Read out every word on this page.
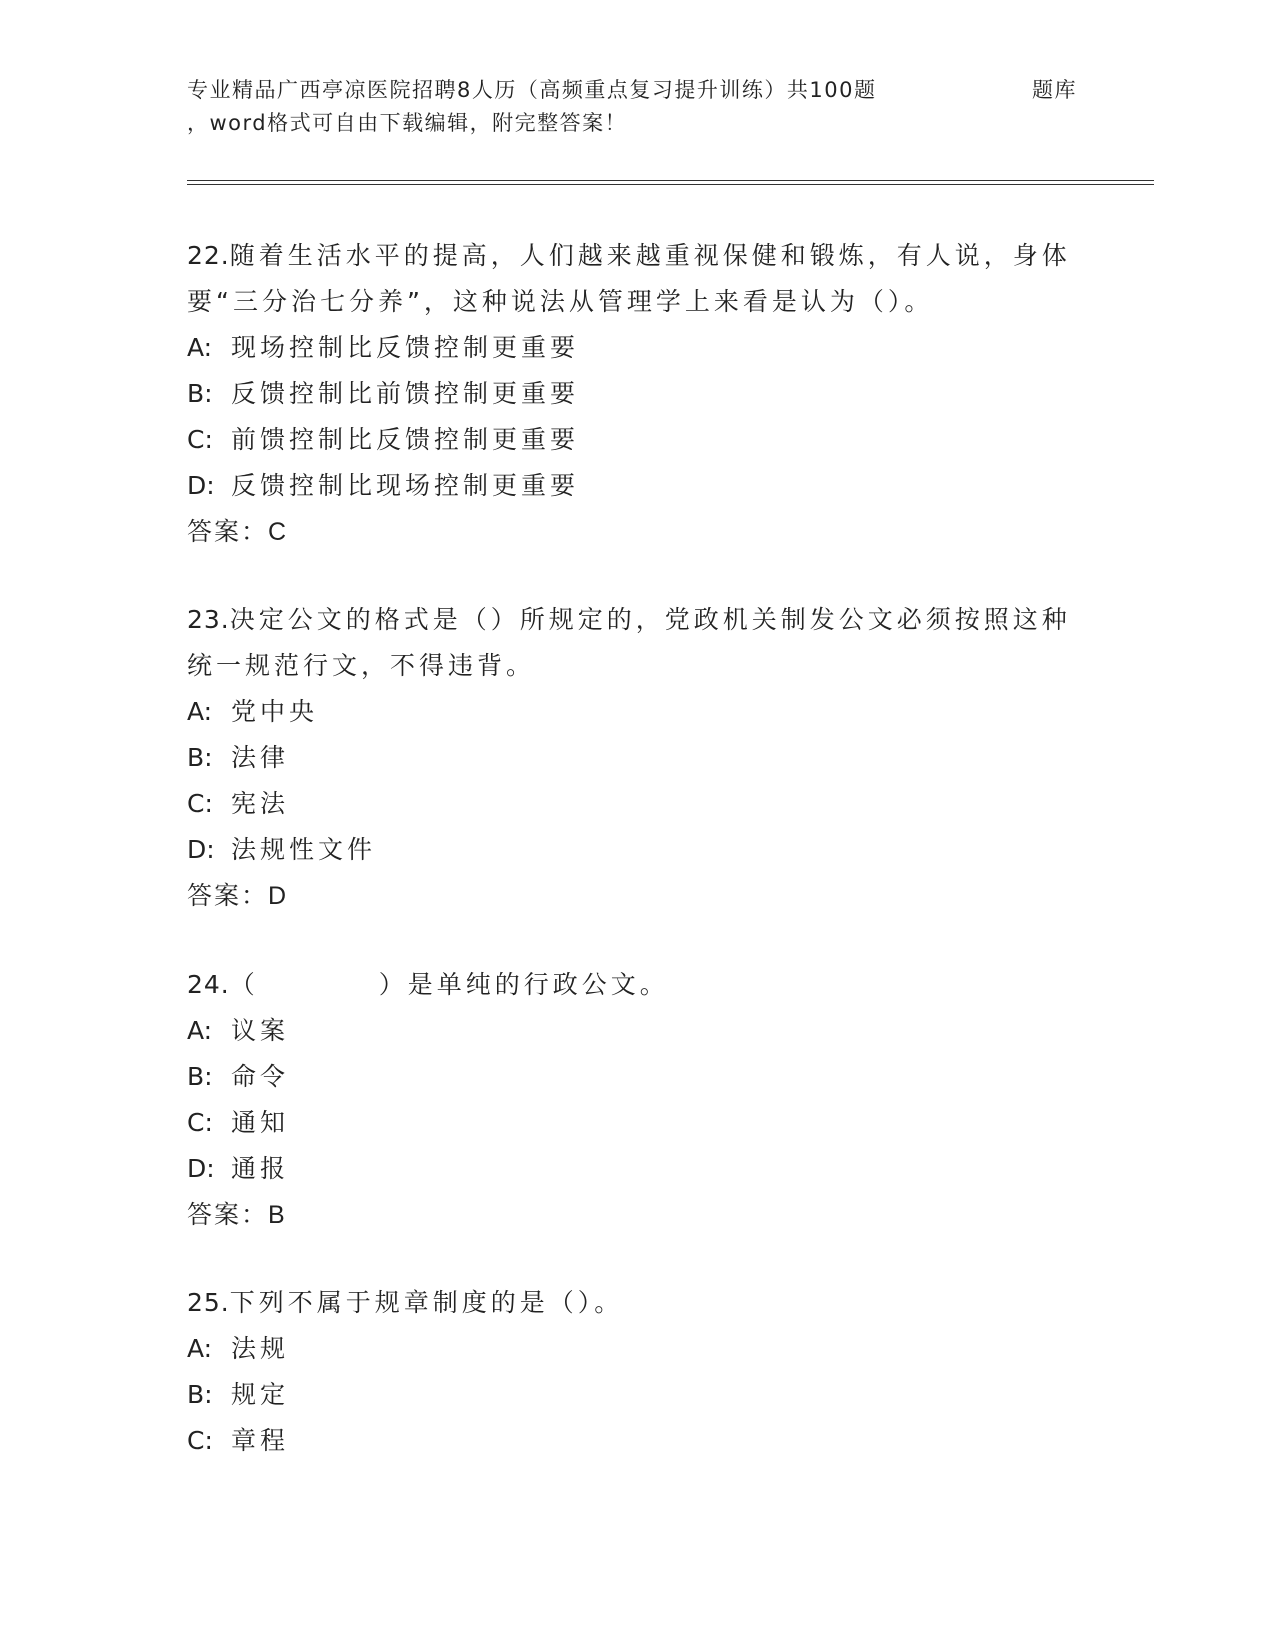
专业精品广西亭凉医院招聘8人历（高频重点复习提升训练）共100题	题库
，word格式可自由下载编辑，附完整答案！

22.随着生活水平的提高，人们越来越重视保健和锻炼，有人说，身体要“三分治七分养”，这种说法从管理学上来看是认为（）。

A: 现场控制比反馈控制更重要

B: 反馈控制比前馈控制更重要

C: 前馈控制比反馈控制更重要

D: 反馈控制比现场控制更重要

答案：C

23.决定公文的格式是（）所规定的，党政机关制发公文必须按照这种统一规范行文，不得违背。

A: 党中央

B: 法律

C: 宪法

D: 法规性文件

答案：D

24.（	）是单纯的行政公文。

A: 议案

B: 命令

C: 通知

D: 通报

答案：B

25.下列不属于规章制度的是（）。

A: 法规

B: 规定

C: 章程
